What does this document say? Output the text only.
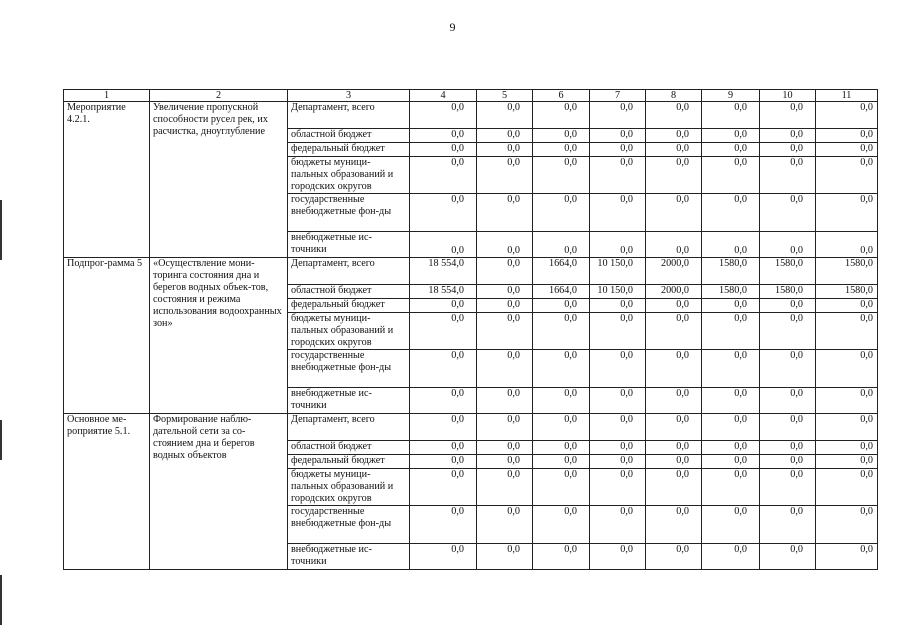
9
1	2	3	4	5	6	7	8	9	10	11
Мероприятие 4.2.1.	Увеличение пропускной способности русел рек, их расчистка, дноуглубление	Департамент, всего	0,0	0,0	0,0	0,0	0,0	0,0	0,0	0,0
		областной бюджет	0,0	0,0	0,0	0,0	0,0	0,0	0,0	0,0
		федеральный бюджет	0,0	0,0	0,0	0,0	0,0	0,0	0,0	0,0
		бюджеты муници-пальных образований и городских округов	0,0	0,0	0,0	0,0	0,0	0,0	0,0	0,0
		государственные внебюджетные фон-ды	0,0	0,0	0,0	0,0	0,0	0,0	0,0	0,0
		внебюджетные ис-точники	0,0	0,0	0,0	0,0	0,0	0,0	0,0	0,0
Подпрог-рамма 5	«Осуществление мони-торинга состояния дна и берегов водных объек-тов, состояния и режима использования водоохранных зон»	Департамент, всего	18 554,0	0,0	1664,0	10 150,0	2000,0	1580,0	1580,0	1580,0
		областной бюджет	18 554,0	0,0	1664,0	10 150,0	2000,0	1580,0	1580,0	1580,0
		федеральный бюджет	0,0	0,0	0,0	0,0	0,0	0,0	0,0	0,0
		бюджеты муници-пальных образований и городских округов	0,0	0,0	0,0	0,0	0,0	0,0	0,0	0,0
		государственные внебюджетные фон-ды	0,0	0,0	0,0	0,0	0,0	0,0	0,0	0,0
		внебюджетные ис-точники	0,0	0,0	0,0	0,0	0,0	0,0	0,0	0,0
Основное ме-роприятие 5.1.	Формирование наблю-дательной сети за со-стоянием дна и берегов водных объектов	Департамент, всего	0,0	0,0	0,0	0,0	0,0	0,0	0,0	0,0
		областной бюджет	0,0	0,0	0,0	0,0	0,0	0,0	0,0	0,0
		федеральный бюджет	0,0	0,0	0,0	0,0	0,0	0,0	0,0	0,0
		бюджеты муници-пальных образований и городских округов	0,0	0,0	0,0	0,0	0,0	0,0	0,0	0,0
		государственные внебюджетные фон-ды	0,0	0,0	0,0	0,0	0,0	0,0	0,0	0,0
		внебюджетные ис-точники	0,0	0,0	0,0	0,0	0,0	0,0	0,0	0,0
